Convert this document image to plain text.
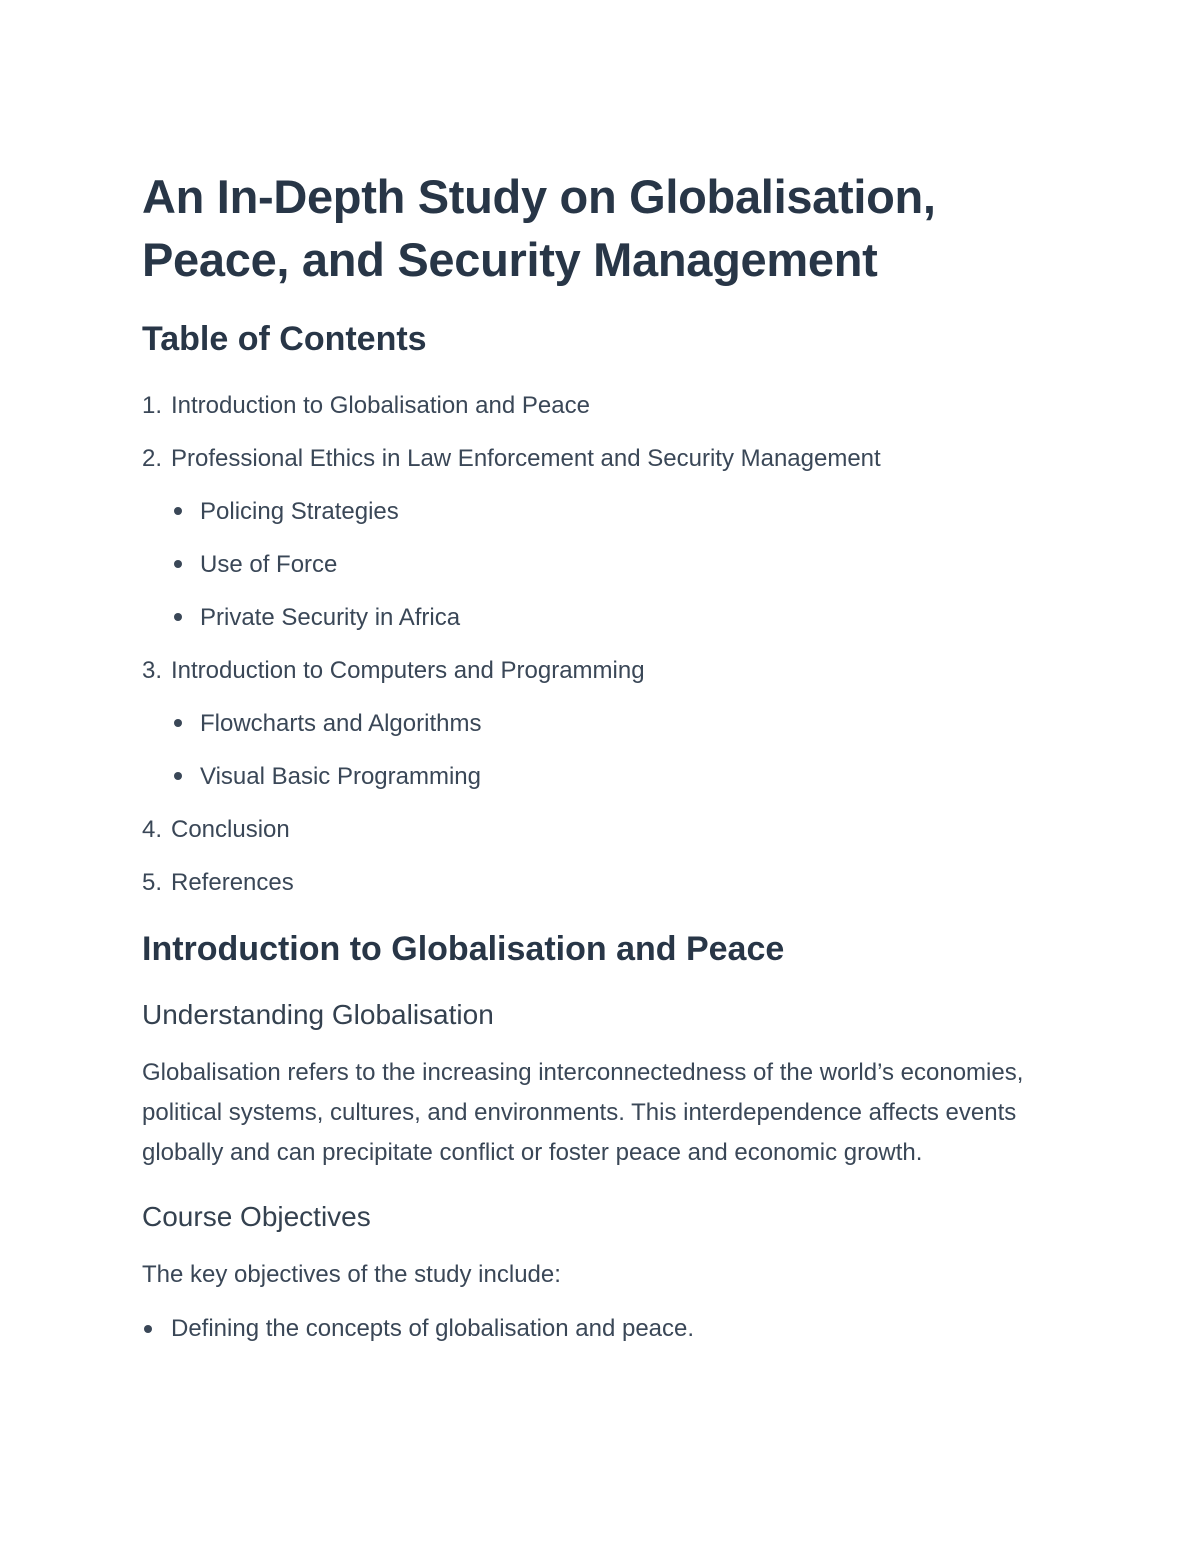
An In-Depth Study on Globalisation, Peace, and Security Management
Table of Contents
1. Introduction to Globalisation and Peace
2. Professional Ethics in Law Enforcement and Security Management
Policing Strategies
Use of Force
Private Security in Africa
3. Introduction to Computers and Programming
Flowcharts and Algorithms
Visual Basic Programming
4. Conclusion
5. References
Introduction to Globalisation and Peace
Understanding Globalisation

Globalisation refers to the increasing interconnectedness of the world’s economies, political systems, cultures, and environments. This interdependence affects events globally and can precipitate conflict or foster peace and economic growth.

Course Objectives

The key objectives of the study include:

Defining the concepts of globalisation and peace.
